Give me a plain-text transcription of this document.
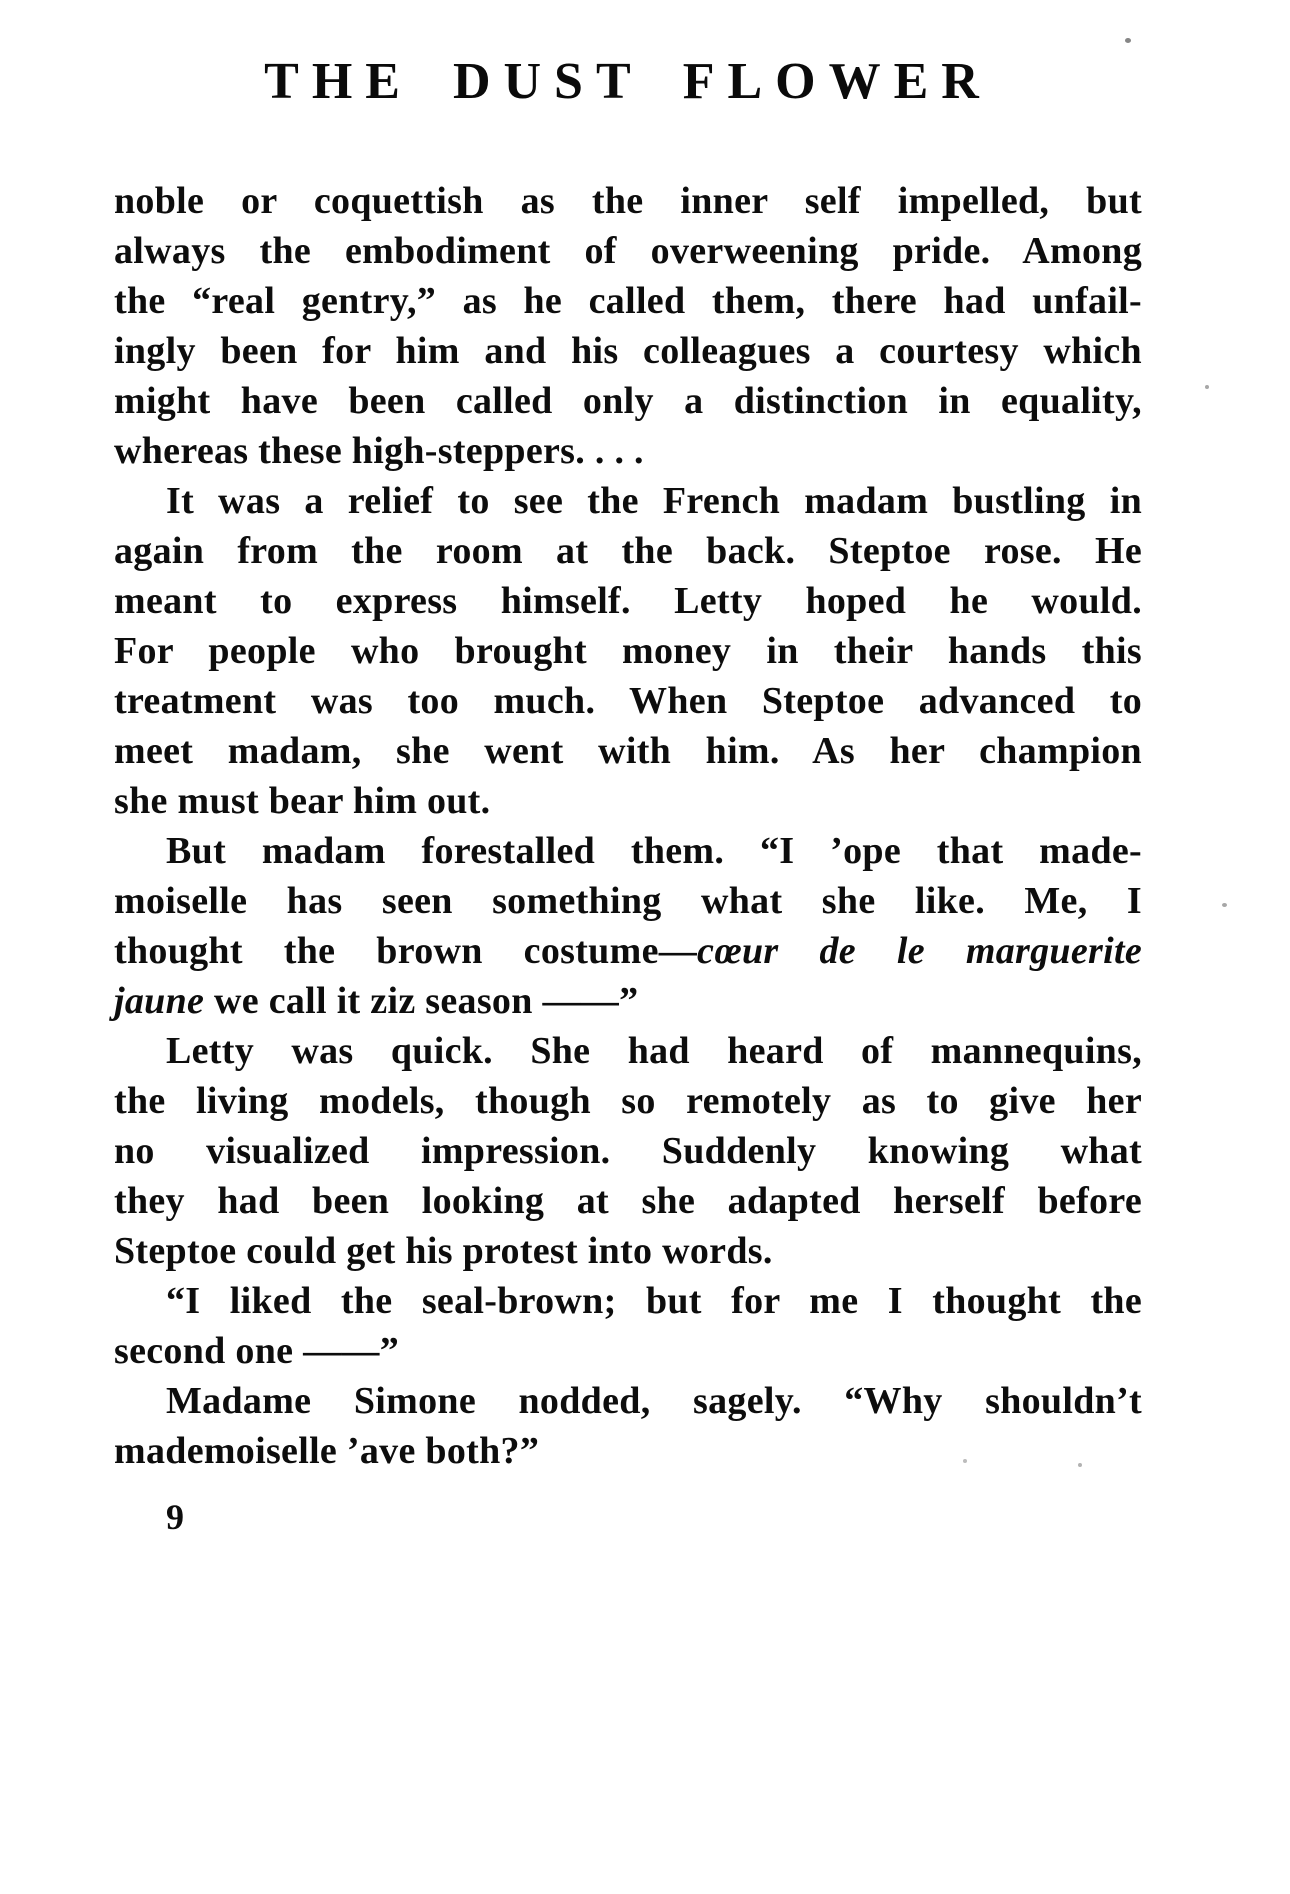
THE DUST FLOWER
noble or coquettish as the inner self impelled, but
always the embodiment of overweening pride. Among
the “real gentry,” as he called them, there had unfail-
ingly been for him and his colleagues a courtesy which
might have been called only a distinction in equality,
whereas these high-steppers. . . .
It was a relief to see the French madam bustling in
again from the room at the back. Steptoe rose. He
meant to express himself. Letty hoped he would.
For people who brought money in their hands this
treatment was too much. When Steptoe advanced to
meet madam, she went with him. As her champion
she must bear him out.
But madam forestalled them. “I ’ope that made-
moiselle has seen something what she like. Me, I
thought the brown costume—cœur de le marguerite
jaune we call it ziz season ——”
Letty was quick. She had heard of mannequins,
the living models, though so remotely as to give her
no visualized impression. Suddenly knowing what
they had been looking at she adapted herself before
Steptoe could get his protest into words.
“I liked the seal-brown; but for me I thought the
second one ——”
Madame Simone nodded, sagely. “Why shouldn’t
mademoiselle ’ave both?”
9
